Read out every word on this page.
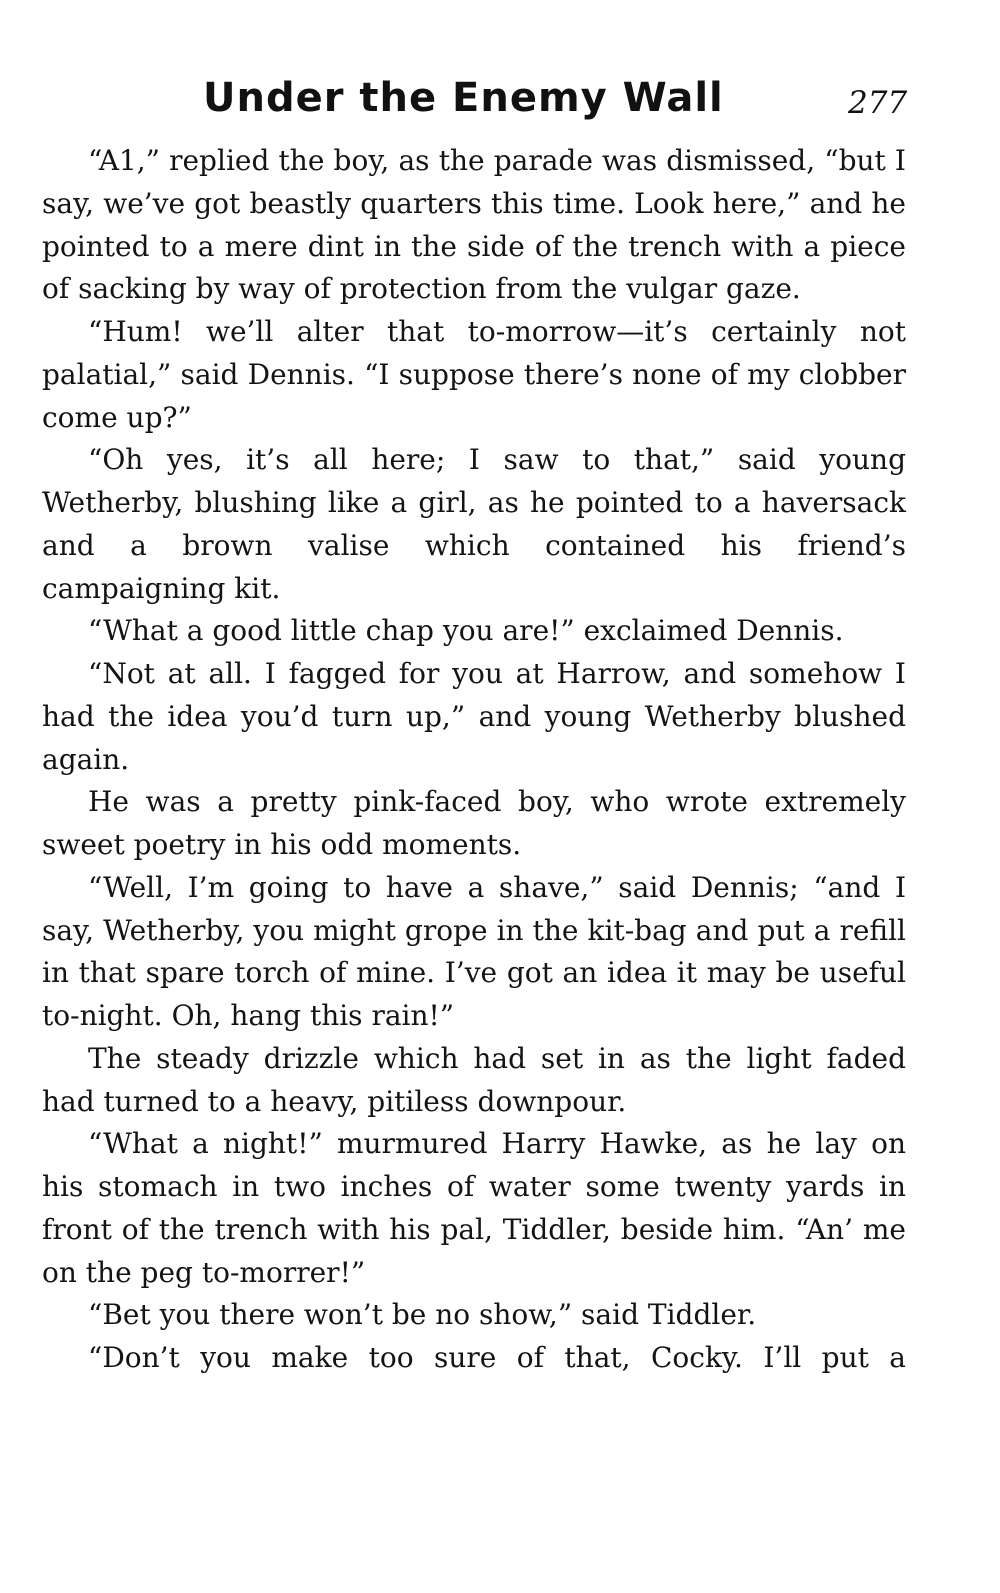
Under the Enemy Wall	277

“A1,” replied the boy, as the parade was dismissed, “but I say, we’ve got beastly quarters this time. Look here,” and he pointed to a mere dint in the side of the trench with a piece of sacking by way of protection from the vulgar gaze.

“Hum! we’ll alter that to-morrow—it’s certainly not palatial,” said Dennis. “I suppose there’s none of my clobber come up?”

“Oh yes, it’s all here; I saw to that,” said young Wetherby, blushing like a girl, as he pointed to a haversack and a brown valise which contained his friend’s campaigning kit.

“What a good little chap you are!” exclaimed Dennis.

“Not at all. I fagged for you at Harrow, and somehow I had the idea you’d turn up,” and young Wetherby blushed again.

He was a pretty pink-faced boy, who wrote extremely sweet poetry in his odd moments.

“Well, I’m going to have a shave,” said Dennis; “and I say, Wetherby, you might grope in the kit-bag and put a refill in that spare torch of mine. I’ve got an idea it may be useful to-night. Oh, hang this rain!”

The steady drizzle which had set in as the light faded had turned to a heavy, pitiless downpour.

“What a night!” murmured Harry Hawke, as he lay on his stomach in two inches of water some twenty yards in front of the trench with his pal, Tiddler, beside him. “An’ me on the peg to-morrer!”

“Bet you there won’t be no show,” said Tiddler.

“Don’t you make too sure of that, Cocky. I’ll put a
